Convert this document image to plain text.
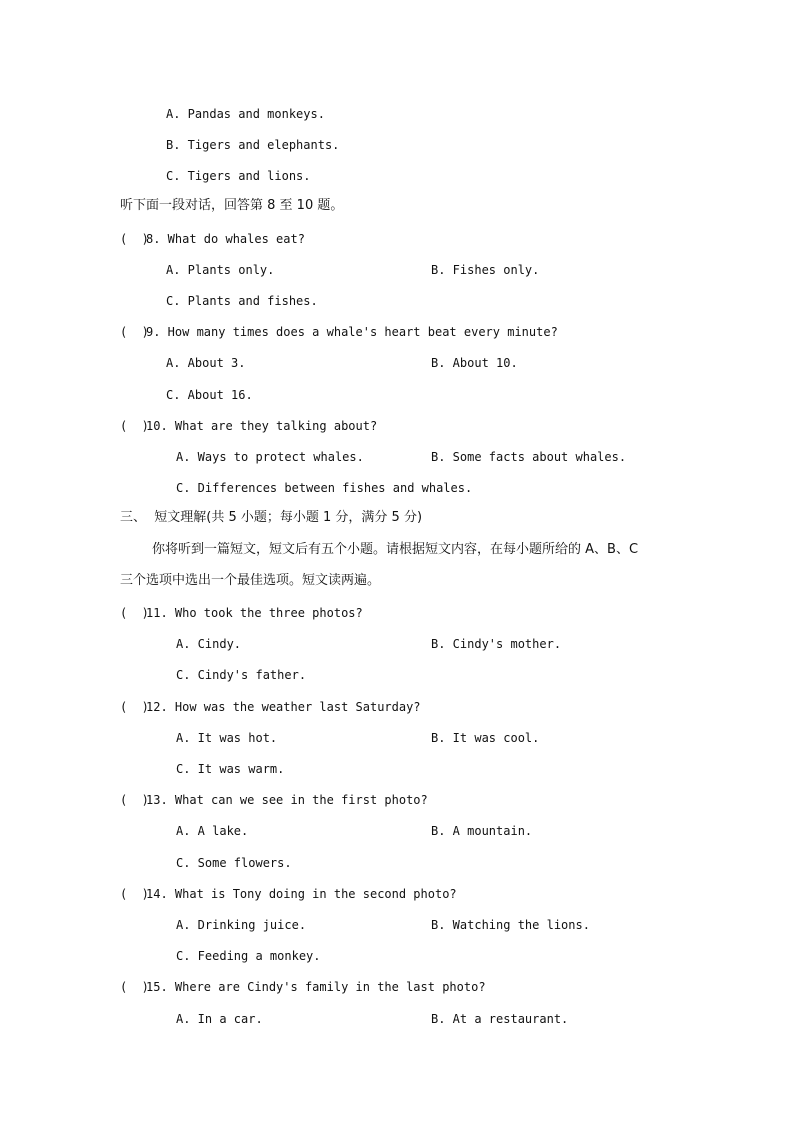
A. Pandas and monkeys.
B. Tigers and elephants.
C. Tigers and lions.
听下面一段对话，回答第 8 至 10 题。
(  )
8. What do whales eat?
A. Plants only.	B. Fishes only.
C. Plants and fishes.
(  )
9. How many times does a whale's heart beat every minute?
A. About 3.	B. About 10.
C. About 16.
(  )
10. What are they talking about?
A. Ways to protect whales.	B. Some facts about whales.
C. Differences between fishes and whales.
三、  短文理解(共 5 小题；每小题 1 分，满分 5 分)
你将听到一篇短文，短文后有五个小题。请根据短文内容，在每小题所给的 A、B、C
三个选项中选出一个最佳选项。短文读两遍。
(  )
11. Who took the three photos?
A. Cindy.	B. Cindy's mother.
C. Cindy's father.
(  )
12. How was the weather last Saturday?
A. It was hot.	B. It was cool.
C. It was warm.
(  )
13. What can we see in the first photo?
A. A lake.	B. A mountain.
C. Some flowers.
(  )
14. What is Tony doing in the second photo?
A. Drinking juice.	B. Watching the lions.
C. Feeding a monkey.
(  )
15. Where are Cindy's family in the last photo?
A. In a car.	B. At a restaurant.
